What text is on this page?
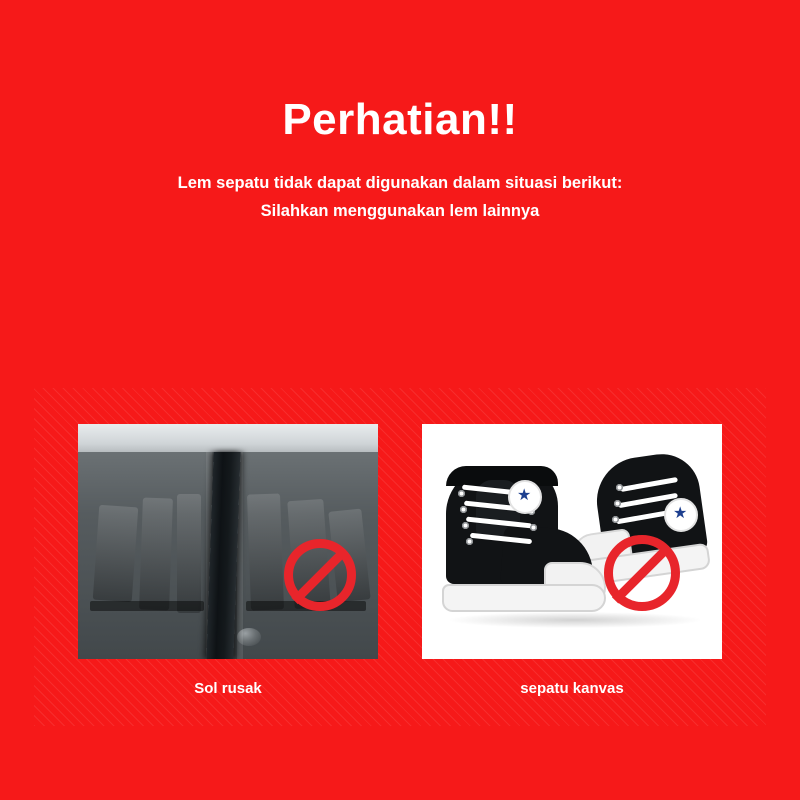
Perhatian!!
Lem sepatu tidak dapat digunakan dalam situasi berikut:
Silahkan menggunakan lem lainnya
Sol rusak
★
★
sepatu kanvas
